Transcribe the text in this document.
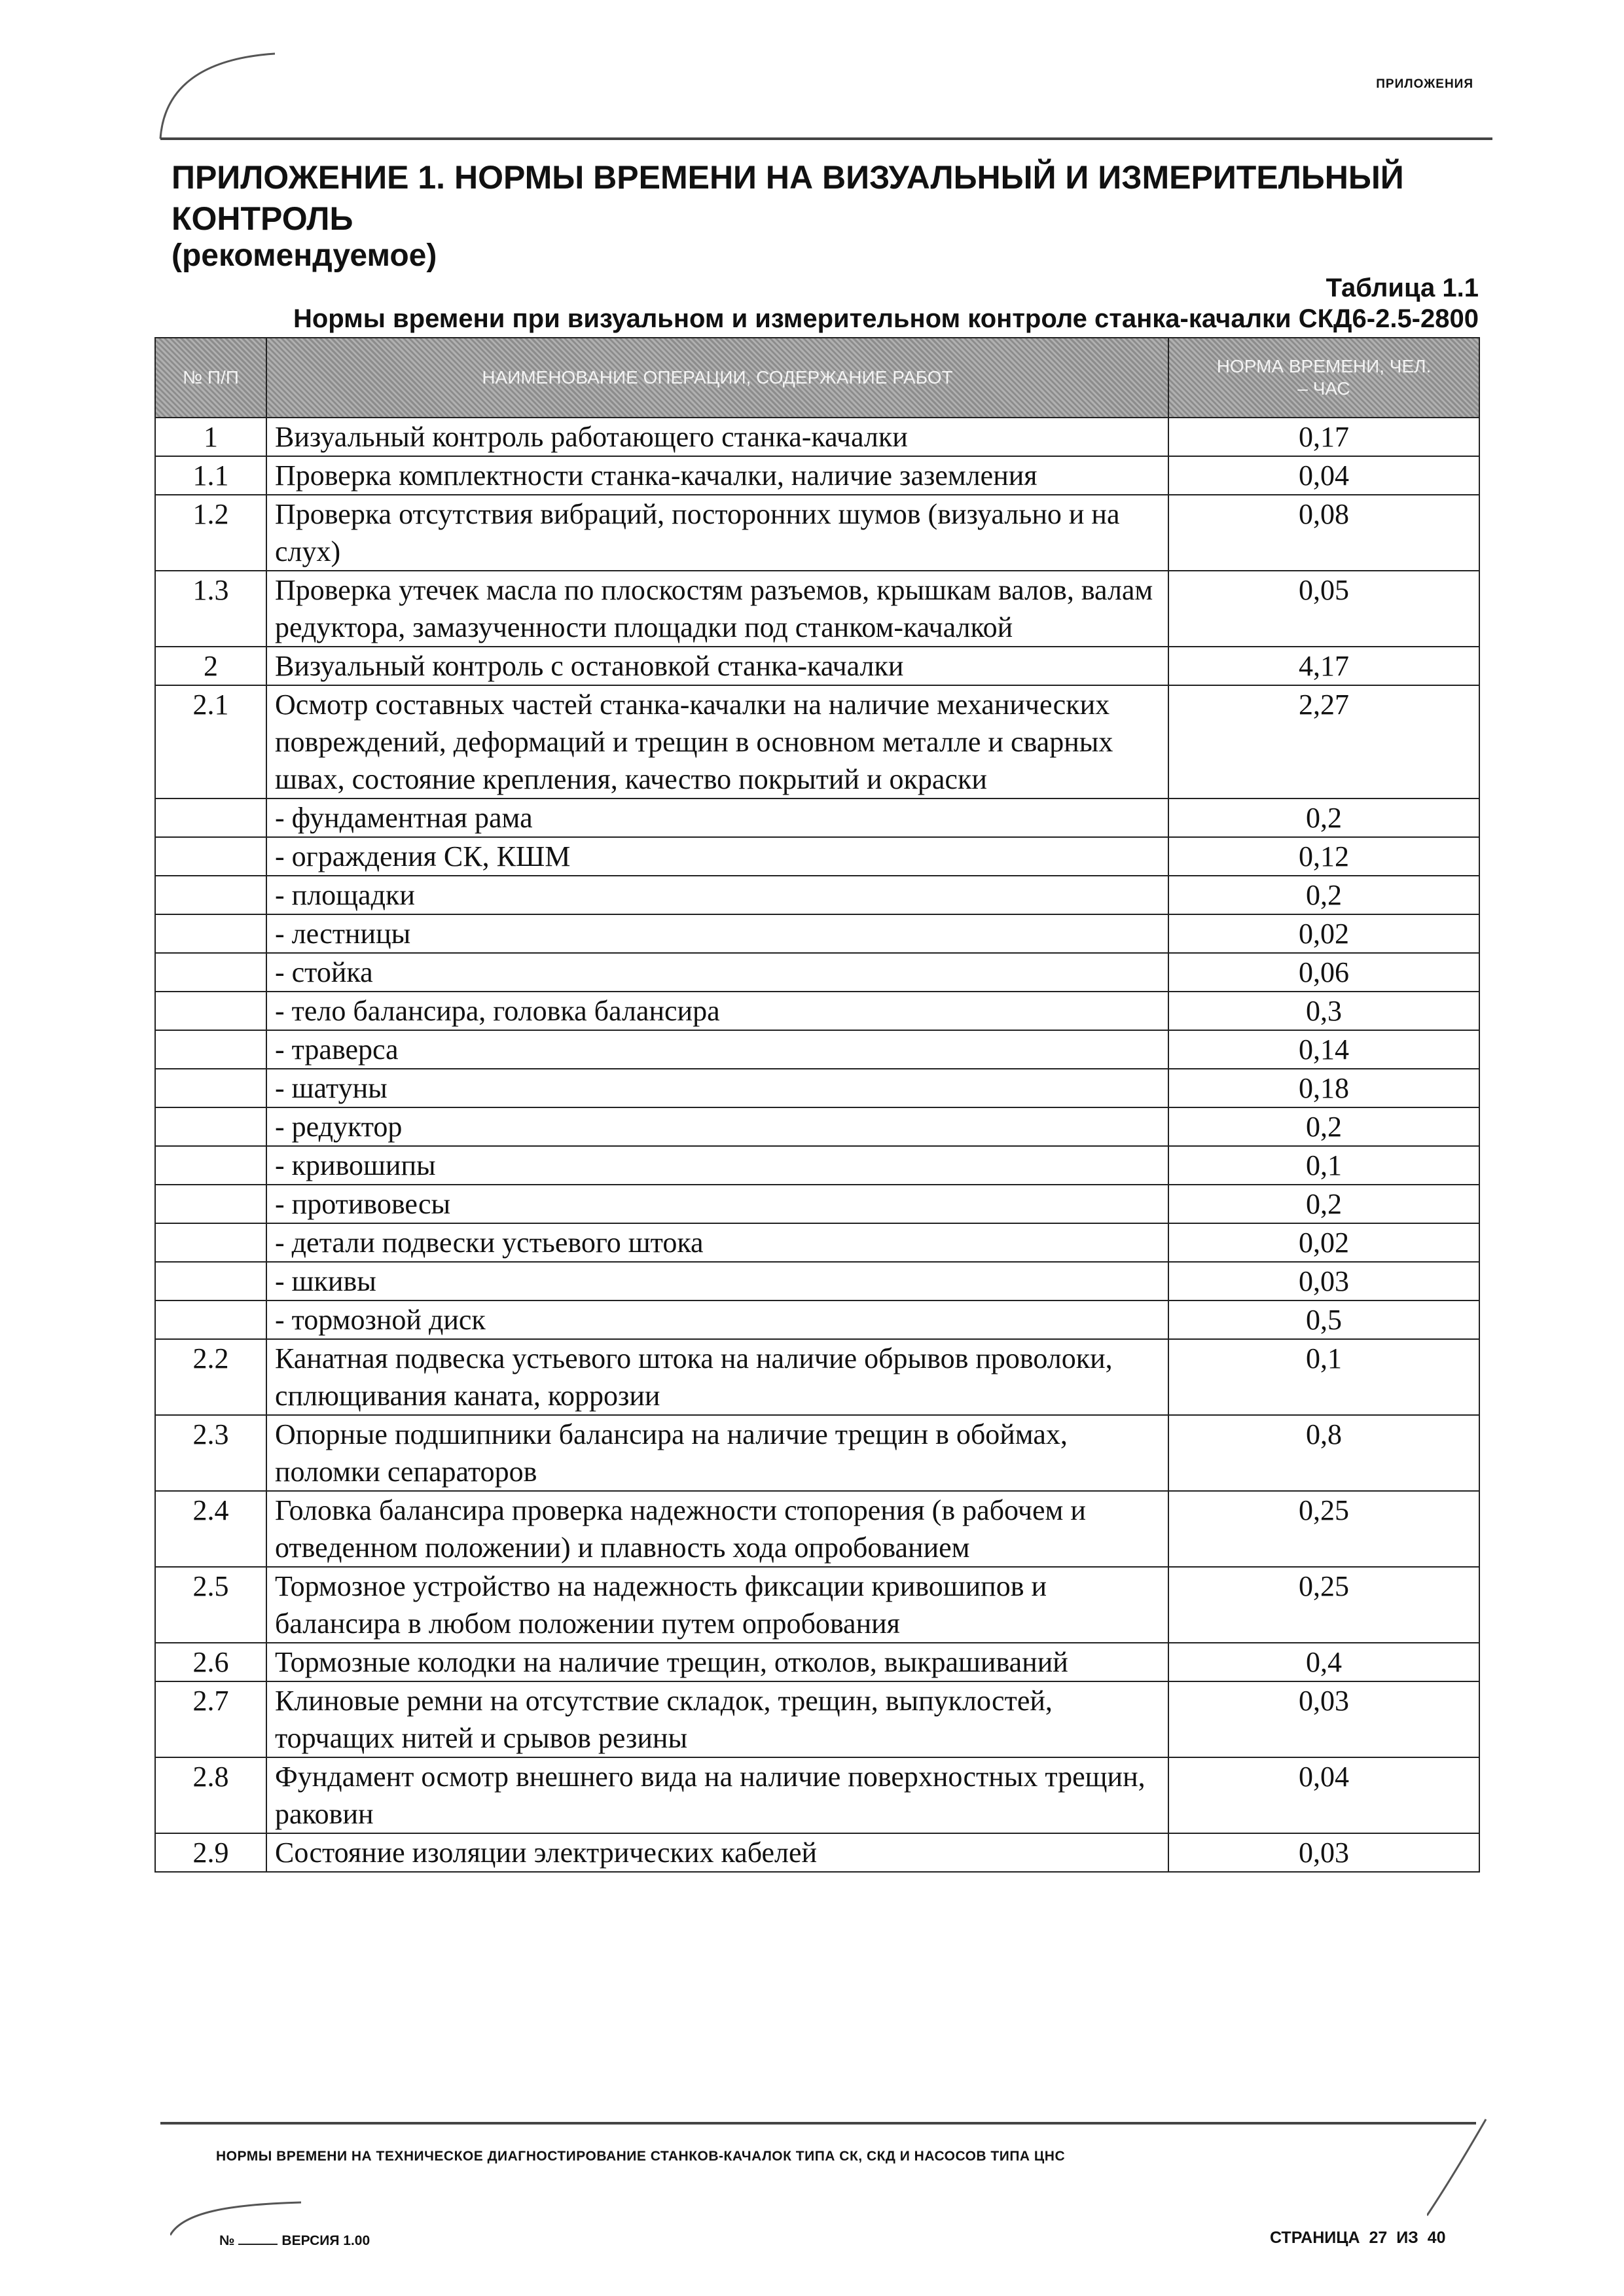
ПРИЛОЖЕНИЯ
ПРИЛОЖЕНИЕ 1. НОРМЫ ВРЕМЕНИ НА ВИЗУАЛЬНЫЙ И ИЗМЕРИТЕЛЬНЫЙ КОНТРОЛЬ
(рекомендуемое)
Таблица 1.1
Нормы времени при визуальном и измерительном контроле станка-качалки СКД6-2.5-2800
№ П/П	НАИМЕНОВАНИЕ ОПЕРАЦИИ, СОДЕРЖАНИЕ РАБОТ	НОРМА ВРЕМЕНИ, ЧЕЛ. – ЧАС
1	Визуальный контроль работающего станка-качалки	0,17
1.1	Проверка комплектности станка-качалки, наличие заземления	0,04
1.2	Проверка отсутствия вибраций, посторонних шумов (визуально и на слух)	0,08
1.3	Проверка утечек масла по плоскостям разъемов, крышкам валов, валам редуктора, замазученности площадки под станком-качалкой	0,05
2	Визуальный контроль с остановкой станка-качалки	4,17
2.1	Осмотр составных частей станка-качалки на наличие механических повреждений, деформаций и трещин в основном металле и сварных швах, состояние крепления, качество покрытий и окраски	2,27
	- фундаментная рама	0,2
	- ограждения СК, КШМ	0,12
	- площадки	0,2
	- лестницы	0,02
	- стойка	0,06
	- тело балансира, головка балансира	0,3
	- траверса	0,14
	- шатуны	0,18
	- редуктор	0,2
	- кривошипы	0,1
	- противовесы	0,2
	- детали подвески устьевого штока	0,02
	- шкивы	0,03
	- тормозной диск	0,5
2.2	Канатная подвеска устьевого штока на наличие обрывов проволоки, сплющивания каната, коррозии	0,1
2.3	Опорные подшипники балансира на наличие трещин в обоймах, поломки сепараторов	0,8
2.4	Головка балансира проверка надежности стопорения (в рабочем и отведенном положении) и плавность хода опробованием	0,25
2.5	Тормозное устройство на надежность фиксации кривошипов и балансира в любом положении путем опробования	0,25
2.6	Тормозные колодки на наличие трещин, отколов, выкрашиваний	0,4
2.7	Клиновые ремни на отсутствие складок, трещин, выпуклостей, торчащих нитей и срывов резины	0,03
2.8	Фундамент осмотр внешнего вида на наличие поверхностных трещин, раковин	0,04
2.9	Состояние изоляции электрических кабелей	0,03
НОРМЫ ВРЕМЕНИ НА ТЕХНИЧЕСКОЕ ДИАГНОСТИРОВАНИЕ СТАНКОВ-КАЧАЛОК ТИПА СК, СКД И НАСОСОВ ТИПА ЦНС
№	ВЕРСИЯ 1.00	СТРАНИЦА 27 ИЗ 40
